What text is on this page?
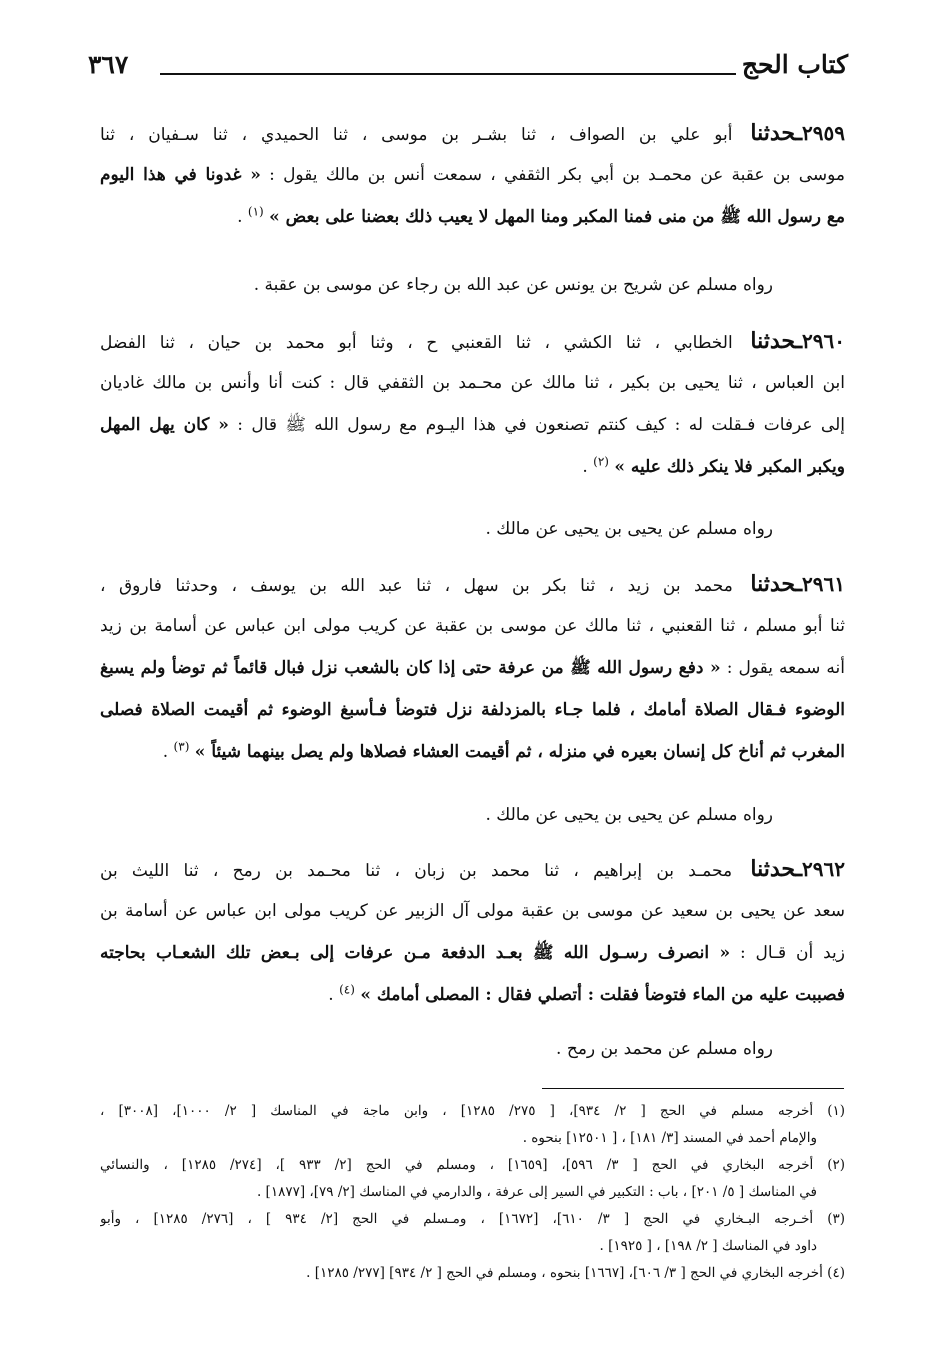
كتاب الحج
٣٦٧
٢٩٥٩ـحدثنا أبو علي بن الصواف ، ثنا بشـر بن موسى ، ثنا الحميدي ، ثنا سـفيان ، ثنا
موسى بن عقبة عن محمـد بن أبي بكر الثقفي ، سمعت أنس بن مالك يقول : « غدونا في هذا اليوم
مع رسول الله ﷺ من منى فمنا المكبر ومنا المهل لا يعيب ذلك بعضنا على بعض » $^{(١)}$ .
رواه مسلم عن شريح بن يونس عن عبد الله بن رجاء عن موسى بن عقبة .
٢٩٦٠ـحدثنا الخطابي ، ثنا الكشي ، ثنا القعنبي ح ، وثنا أبو محمد بن حيان ، ثنا الفضل
ابن العباس ، ثنا يحيى بن بكير ، ثنا مالك عن محـمد بن الثقفي قال : كنت أنا وأنس بن مالك غاديان
إلى عرفات فـقلت له : كيف كنتم تصنعون في هذا اليـوم مع رسول الله ﷺ قال : « كان يهل المهل
ويكبر المكبر فلا ينكر ذلك عليه » $^{(٢)}$ .
رواه مسلم عن يحيى بن يحيى عن مالك .
٢٩٦١ـحدثنا محمد بن زيد ، ثنا بكر بن سهل ، ثنا عبد الله بن يوسف ، وحدثنا فاروق ،
ثنا أبو مسلم ، ثنا القعنبي ، ثنا مالك عن موسى بن عقبة عن كريب مولى ابن عباس عن أسامة بن زيد
أنه سمعه يقول : « دفع رسول الله ﷺ من عرفة حتى إذا كان بالشعب نزل فبال قائماً ثم توضأ ولم يسبغ
الوضوء فـقال الصلاة أمامك ، فلما جـاء بالمزدلفة نزل فتوضأ فـأسبغ الوضوء ثم أقيمت الصلاة فصلى
المغرب ثم أناخ كل إنسان بعيره في منزله ، ثم أقيمت العشاء فصلاها ولم يصل بينهما شيئاً » $^{(٣)}$ .
رواه مسلم عن يحيى بن يحيى عن مالك .
٢٩٦٢ـحدثنا محمـد بن إبراهيم ، ثنا محمد بن زبان ، ثنا محـمد بن رمح ، ثنا الليث بن
سعد عن يحيى بن سعيد عن موسى بن عقبة مولى آل الزبير عن كريب مولى ابن عباس عن أسامة بن
زيد أن قـال : « انصرف رسـول الله ﷺ بعـد الدفعة مـن عرفات إلى بـعض تلك الشعـاب بحاجته
فصببت عليه من الماء فتوضأ فقلت : أتصلي فقال : المصلى أمامك » $^{(٤)}$ .
رواه مسلم عن محمد بن رمح .
(١) أخرجه مسلم في الحج [ ٢/ ٩٣٤]، [ ٢٧٥/ ١٢٨٥] ، وابن ماجة في المناسك [ ٢/ ١٠٠٠]، [٣٠٠٨] ،
والإمام أحمد في المسند [٣/ ١٨١] ، [ ١٢٥٠١] بنحوه .
(٢) أخرجه البخاري في الحج [ ٣/ ٥٩٦]، [١٦٥٩] ، ومسلم في الحج [٢/ ٩٣٣ ]، [٢٧٤/ ١٢٨٥] ، والنسائي
في المناسك [ ٥/ ٢٠١] ، باب : التكبير في السير إلى عرفة ، والدارمي في المناسك [٢/ ٧٩]، [١٨٧٧] .
(٣) أخـرجه البـخاري في الحج [ ٣/ ٦١٠]، [١٦٧٢] ، ومـسلم في الحج [٢/ ٩٣٤ ] ، [٢٧٦/ ١٢٨٥] ، وأبو
داود في المناسك [ ٢/ ١٩٨] ، [ ١٩٢٥] .
(٤) أخرجه البخاري في الحج [ ٣/ ٦٠٦]، [١٦٦٧] بنحوه ، ومسلم في الحج [ ٢/ ٩٣٤] [٢٧٧/ ١٢٨٥] .
